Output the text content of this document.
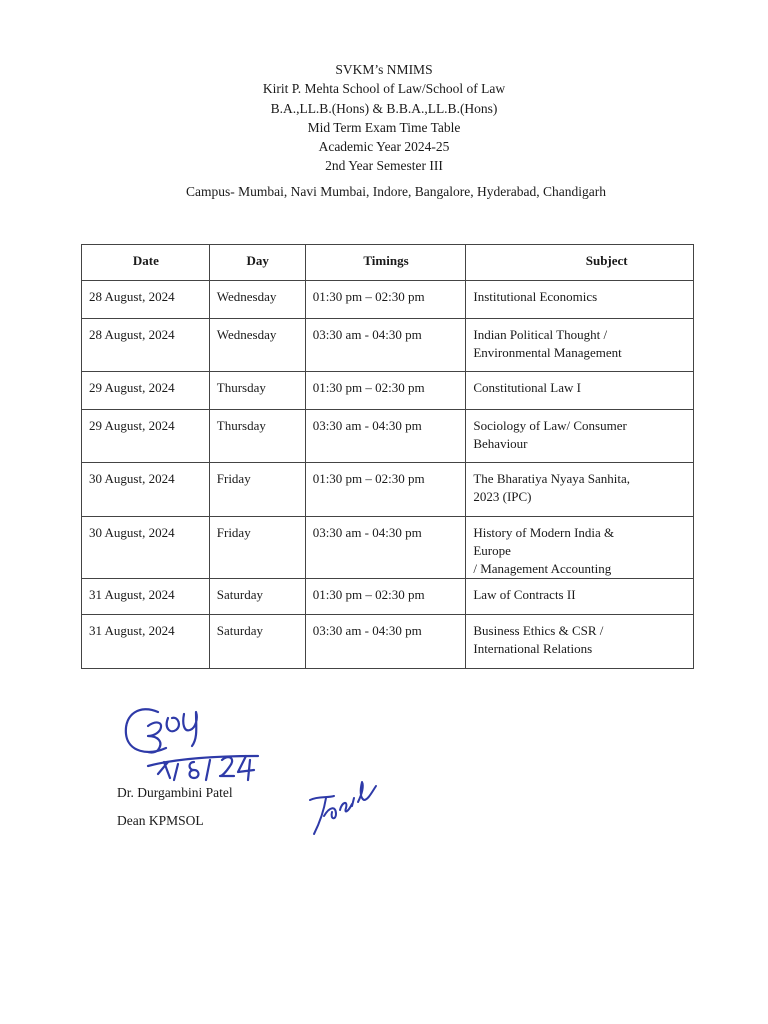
SVKM’s NMIMS
Kirit P. Mehta School of Law/School of Law
B.A.,LL.B.(Hons) & B.B.A.,LL.B.(Hons)
Mid Term Exam Time Table
Academic Year 2024-25
2nd Year Semester III
Campus- Mumbai, Navi Mumbai, Indore, Bangalore, Hyderabad, Chandigarh
Date	Day	Timings	Subject
28 August, 2024	Wednesday	01:30 pm – 02:30 pm	Institutional Economics

28 August, 2024	Wednesday	03:30 am - 04:30 pm	Indian Political Thought /
Environmental Management

29 August, 2024	Thursday	01:30 pm – 02:30 pm	Constitutional Law I

29 August, 2024	Thursday	03:30 am - 04:30 pm	Sociology of Law/ Consumer
Behaviour

30 August, 2024	Friday	01:30 pm – 02:30 pm	The Bharatiya Nyaya Sanhita,
2023 (IPC)

30 August, 2024	Friday	03:30 am - 04:30 pm	History of Modern India &
Europe
/ Management Accounting

31 August, 2024	Saturday	01:30 pm – 02:30 pm	Law of Contracts II

31 August, 2024	Saturday	03:30 am - 04:30 pm	Business Ethics & CSR /
International Relations
Dr. Durgambini Patel
Dean KPMSOL
